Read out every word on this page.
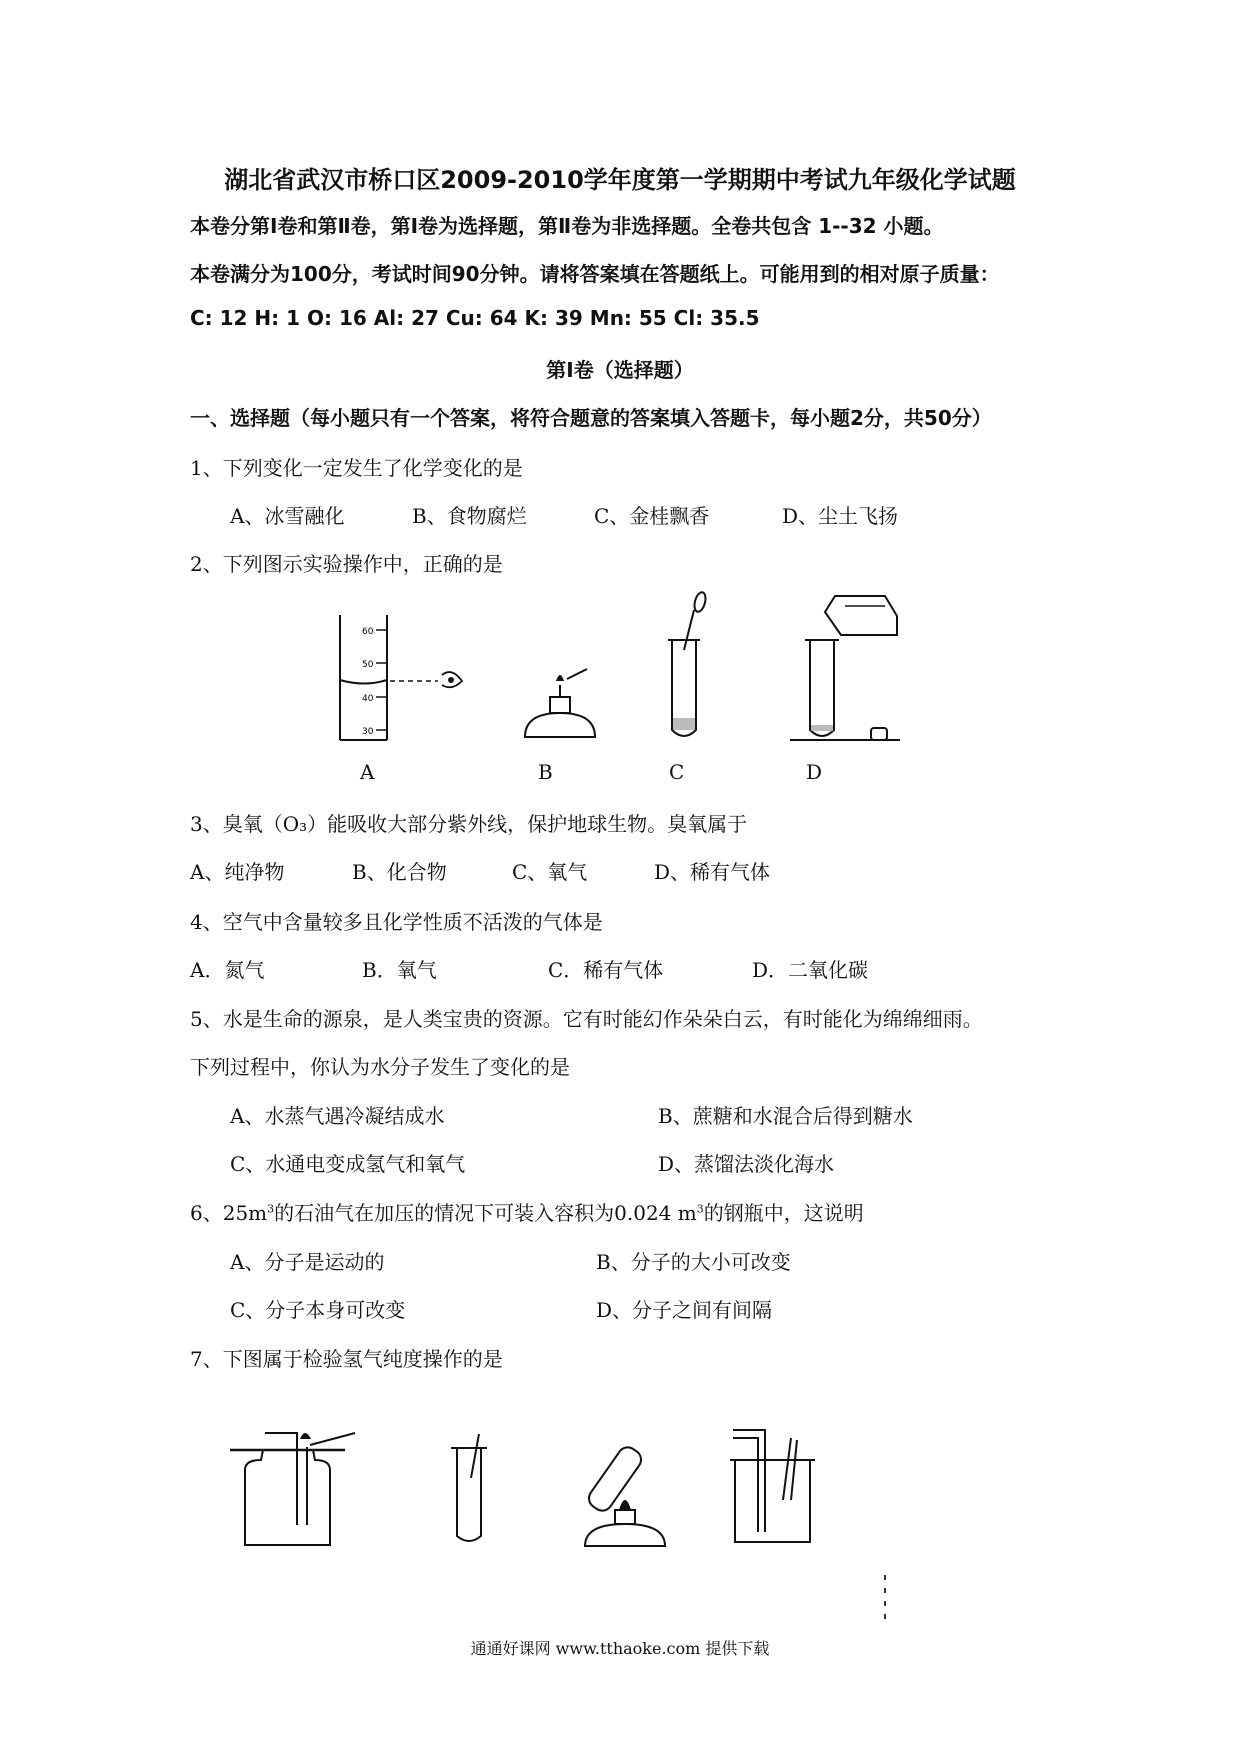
湖北省武汉市桥口区2009-2010学年度第一学期期中考试九年级化学试题
本卷分第Ⅰ卷和第Ⅱ卷，第Ⅰ卷为选择题，第Ⅱ卷为非选择题。全卷共包含 1--32 小题。
本卷满分为100分，考试时间90分钟。请将答案填在答题纸上。可能用到的相对原子质量：
C: 12 H: 1 O: 16 Al: 27 Cu: 64 K: 39 Mn: 55 Cl: 35.5
第Ⅰ卷（选择题）
一、选择题（每小题只有一个答案，将符合题意的答案填入答题卡，每小题2分，共50分）
1、下列变化一定发生了化学变化的是
A、冰雪融化	B、食物腐烂	C、金桂飘香	D、尘土飞扬
2、下列图示实验操作中，正确的是
60
50
40
30
A	B	C	D
3、臭氧（O₃）能吸收大部分紫外线，保护地球生物。臭氧属于
A、纯净物	B、化合物	C、氧气	D、稀有气体
4、空气中含量较多且化学性质不活泼的气体是
A．氮气	B．氧气	C．稀有气体	D．二氧化碳
5、水是生命的源泉，是人类宝贵的资源。它有时能幻作朵朵白云，有时能化为绵绵细雨。
下列过程中，你认为水分子发生了变化的是
A、水蒸气遇冷凝结成水	B、蔗糖和水混合后得到糖水
C、水通电变成氢气和氧气	D、蒸馏法淡化海水
6、$25m^3$的石油气在加压的情况下可装入容积为0.024 $m^3$的钢瓶中，这说明
A、分子是运动的	B、分子的大小可改变
C、分子本身可改变	D、分子之间有间隔
7、下图属于检验氢气纯度操作的是
通通好课网 www.tthaoke.com 提供下载
